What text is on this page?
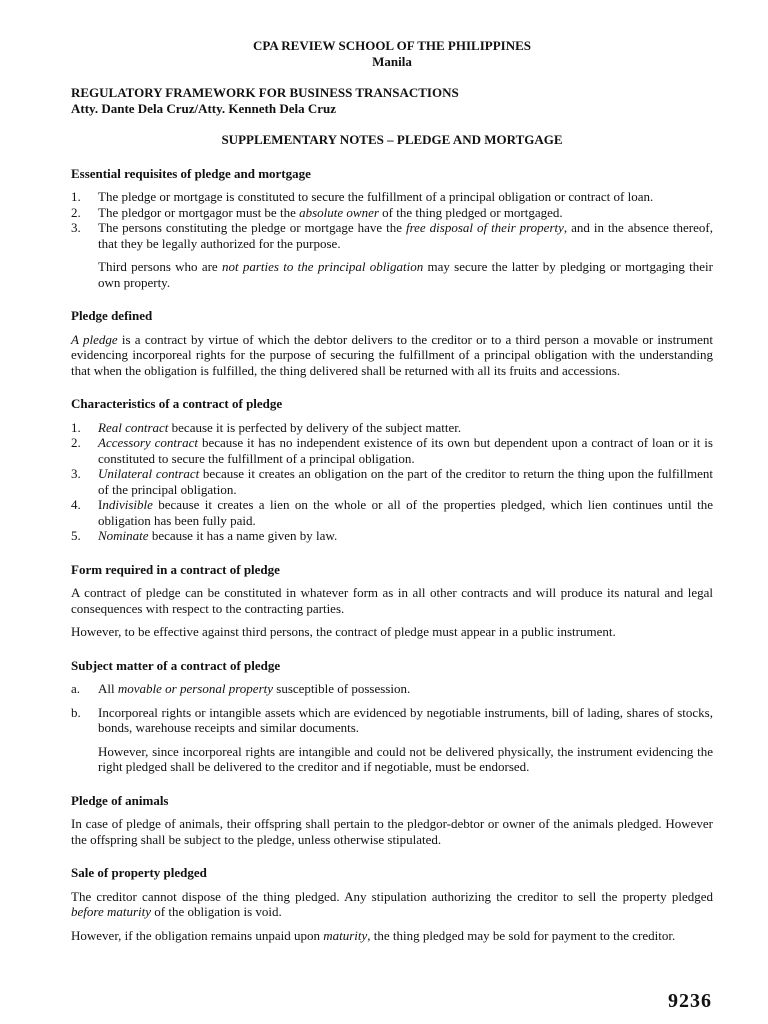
CPA REVIEW SCHOOL OF THE PHILIPPINES
Manila
REGULATORY FRAMEWORK FOR BUSINESS TRANSACTIONS
Atty. Dante Dela Cruz/Atty. Kenneth Dela Cruz
SUPPLEMENTARY NOTES – PLEDGE AND MORTGAGE
Essential requisites of pledge and mortgage
1. The pledge or mortgage is constituted to secure the fulfillment of a principal obligation or contract of loan.
2. The pledgor or mortgagor must be the absolute owner of the thing pledged or mortgaged.
3. The persons constituting the pledge or mortgage have the free disposal of their property, and in the absence thereof, that they be legally authorized for the purpose.

Third persons who are not parties to the principal obligation may secure the latter by pledging or mortgaging their own property.

Pledge defined

A pledge is a contract by virtue of which the debtor delivers to the creditor or to a third person a movable or instrument evidencing incorporeal rights for the purpose of securing the fulfillment of a principal obligation with the understanding that when the obligation is fulfilled, the thing delivered shall be returned with all its fruits and accessions.

Characteristics of a contract of pledge
1. Real contract because it is perfected by delivery of the subject matter.
2. Accessory contract because it has no independent existence of its own but dependent upon a contract of loan or it is constituted to secure the fulfillment of a principal obligation.
3. Unilateral contract because it creates an obligation on the part of the creditor to return the thing upon the fulfillment of the principal obligation.
4. Indivisible because it creates a lien on the whole or all of the properties pledged, which lien continues until the obligation has been fully paid.
5. Nominate because it has a name given by law.
Form required in a contract of pledge

A contract of pledge can be constituted in whatever form as in all other contracts and will produce its natural and legal consequences with respect to the contracting parties.

However, to be effective against third persons, the contract of pledge must appear in a public instrument.

Subject matter of a contract of pledge
a. All movable or personal property susceptible of possession.
b. Incorporeal rights or intangible assets which are evidenced by negotiable instruments, bill of lading, shares of stocks, bonds, warehouse receipts and similar documents.

However, since incorporeal rights are intangible and could not be delivered physically, the instrument evidencing the right pledged shall be delivered to the creditor and if negotiable, must be endorsed.

Pledge of animals

In case of pledge of animals, their offspring shall pertain to the pledgor-debtor or owner of the animals pledged. However the offspring shall be subject to the pledge, unless otherwise stipulated.

Sale of property pledged

The creditor cannot dispose of the thing pledged. Any stipulation authorizing the creditor to sell the property pledged before maturity of the obligation is void.

However, if the obligation remains unpaid upon maturity, the thing pledged may be sold for payment to the creditor.

9236
